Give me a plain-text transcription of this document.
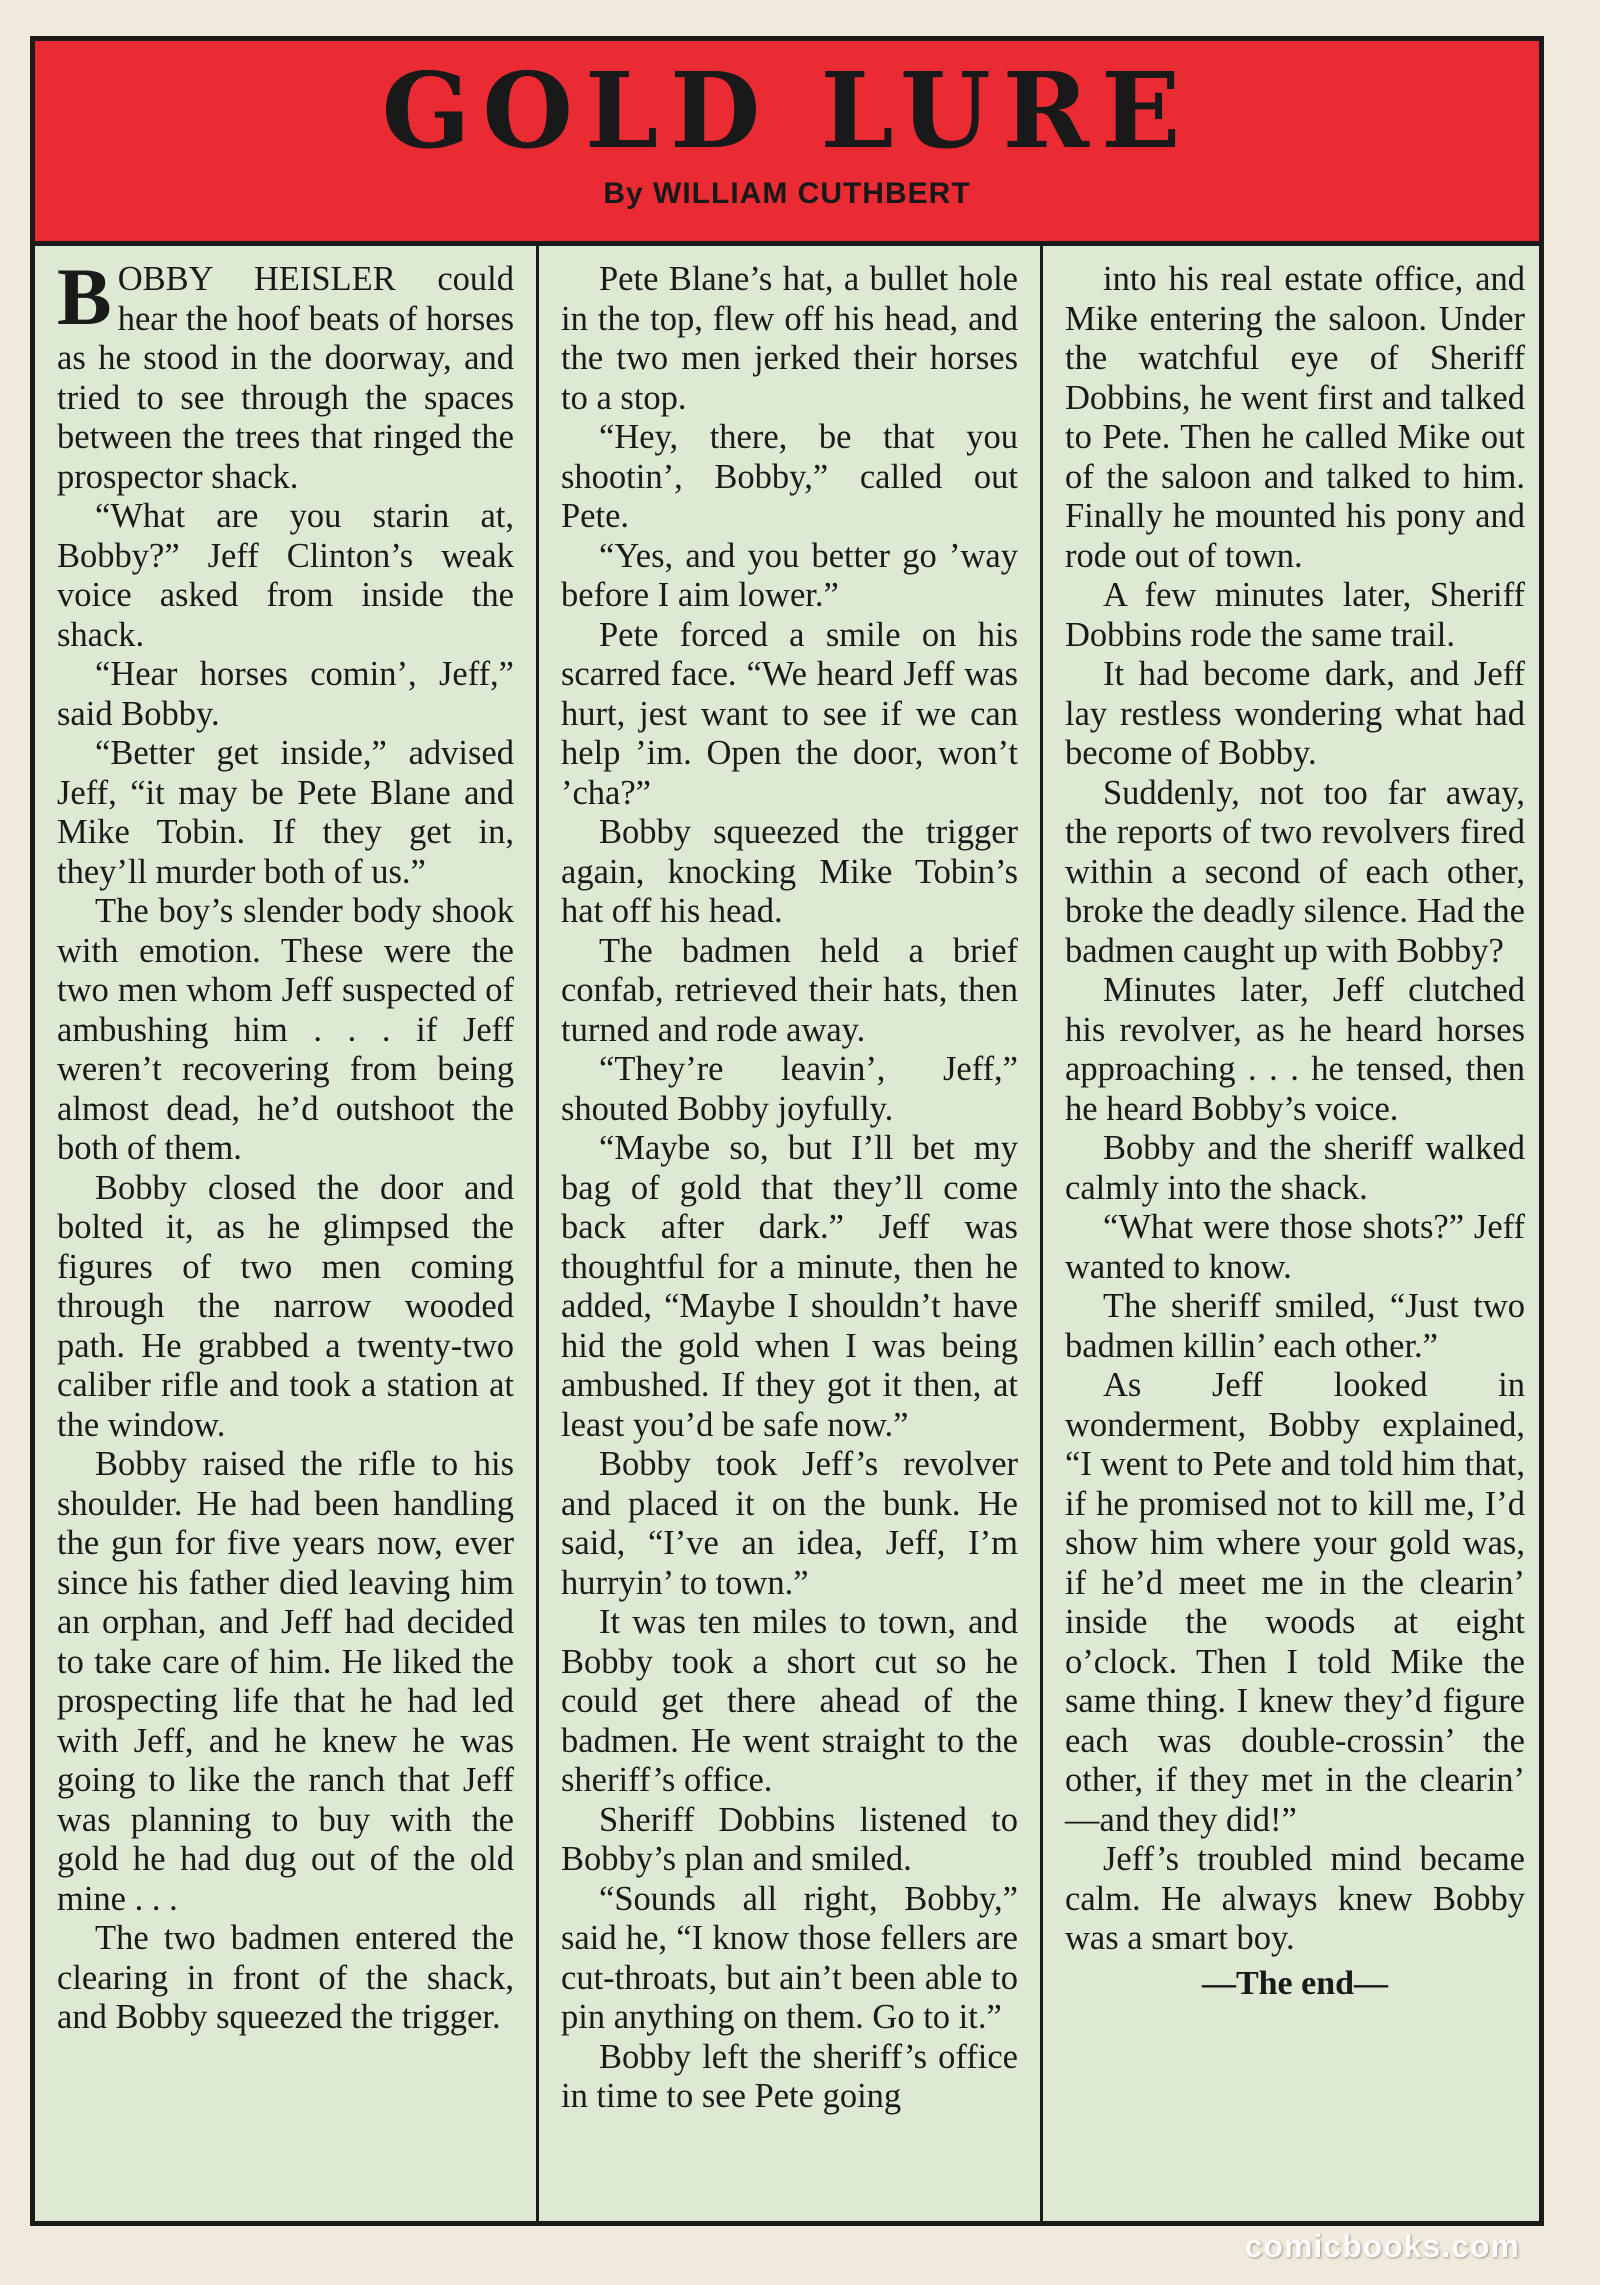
GOLD LURE
By WILLIAM CUTHBERT

BOBBY HEISLER could hear the hoof beats of horses as he stood in the doorway, and tried to see through the spaces between the trees that ringed the prospector shack.

“What are you starin at, Bobby?” Jeff Clinton’s weak voice asked from inside the shack.

“Hear horses comin’, Jeff,” said Bobby.

“Better get inside,” advised Jeff, “it may be Pete Blane and Mike Tobin. If they get in, they’ll murder both of us.”

The boy’s slender body shook with emotion. These were the two men whom Jeff suspected of ambushing him . . . if Jeff weren’t recovering from being almost dead, he’d outshoot the both of them.

Bobby closed the door and bolted it, as he glimpsed the figures of two men coming through the narrow wooded path. He grabbed a twenty-two caliber rifle and took a station at the window.

Bobby raised the rifle to his shoulder. He had been handling the gun for five years now, ever since his father died leaving him an orphan, and Jeff had decided to take care of him. He liked the prospecting life that he had led with Jeff, and he knew he was going to like the ranch that Jeff was planning to buy with the gold he had dug out of the old mine . . .

The two badmen entered the clearing in front of the shack, and Bobby squeezed the trigger.

Pete Blane’s hat, a bullet hole in the top, flew off his head, and the two men jerked their horses to a stop.

“Hey, there, be that you shootin’, Bobby,” called out Pete.

“Yes, and you better go ’way before I aim lower.”

Pete forced a smile on his scarred face. “We heard Jeff was hurt, jest want to see if we can help ’im. Open the door, won’t ’cha?”

Bobby squeezed the trigger again, knocking Mike Tobin’s hat off his head.

The badmen held a brief confab, retrieved their hats, then turned and rode away.

“They’re leavin’, Jeff,” shouted Bobby joyfully.

“Maybe so, but I’ll bet my bag of gold that they’ll come back after dark.” Jeff was thoughtful for a minute, then he added, “Maybe I shouldn’t have hid the gold when I was being ambushed. If they got it then, at least you’d be safe now.”

Bobby took Jeff’s revolver and placed it on the bunk. He said, “I’ve an idea, Jeff, I’m hurryin’ to town.”

It was ten miles to town, and Bobby took a short cut so he could get there ahead of the badmen. He went straight to the sheriff’s office.

Sheriff Dobbins listened to Bobby’s plan and smiled.

“Sounds all right, Bobby,” said he, “I know those fellers are cut-throats, but ain’t been able to pin anything on them. Go to it.”

Bobby left the sheriff’s office in time to see Pete going

into his real estate office, and Mike entering the saloon. Under the watchful eye of Sheriff Dobbins, he went first and talked to Pete. Then he called Mike out of the saloon and talked to him. Finally he mounted his pony and rode out of town.

A few minutes later, Sheriff Dobbins rode the same trail.

It had become dark, and Jeff lay restless wondering what had become of Bobby.

Suddenly, not too far away, the reports of two revolvers fired within a second of each other, broke the deadly silence. Had the badmen caught up with Bobby?

Minutes later, Jeff clutched his revolver, as he heard horses approaching . . . he tensed, then he heard Bobby’s voice.

Bobby and the sheriff walked calmly into the shack.

“What were those shots?” Jeff wanted to know.

The sheriff smiled, “Just two badmen killin’ each other.”

As Jeff looked in wonderment, Bobby explained, “I went to Pete and told him that, if he promised not to kill me, I’d show him where your gold was, if he’d meet me in the clearin’ inside the woods at eight o’clock. Then I told Mike the same thing. I knew they’d figure each was double-crossin’ the other, if they met in the clearin’ —and they did!”

Jeff’s troubled mind became calm. He always knew Bobby was a smart boy.

—The end—
comicbooks.com
